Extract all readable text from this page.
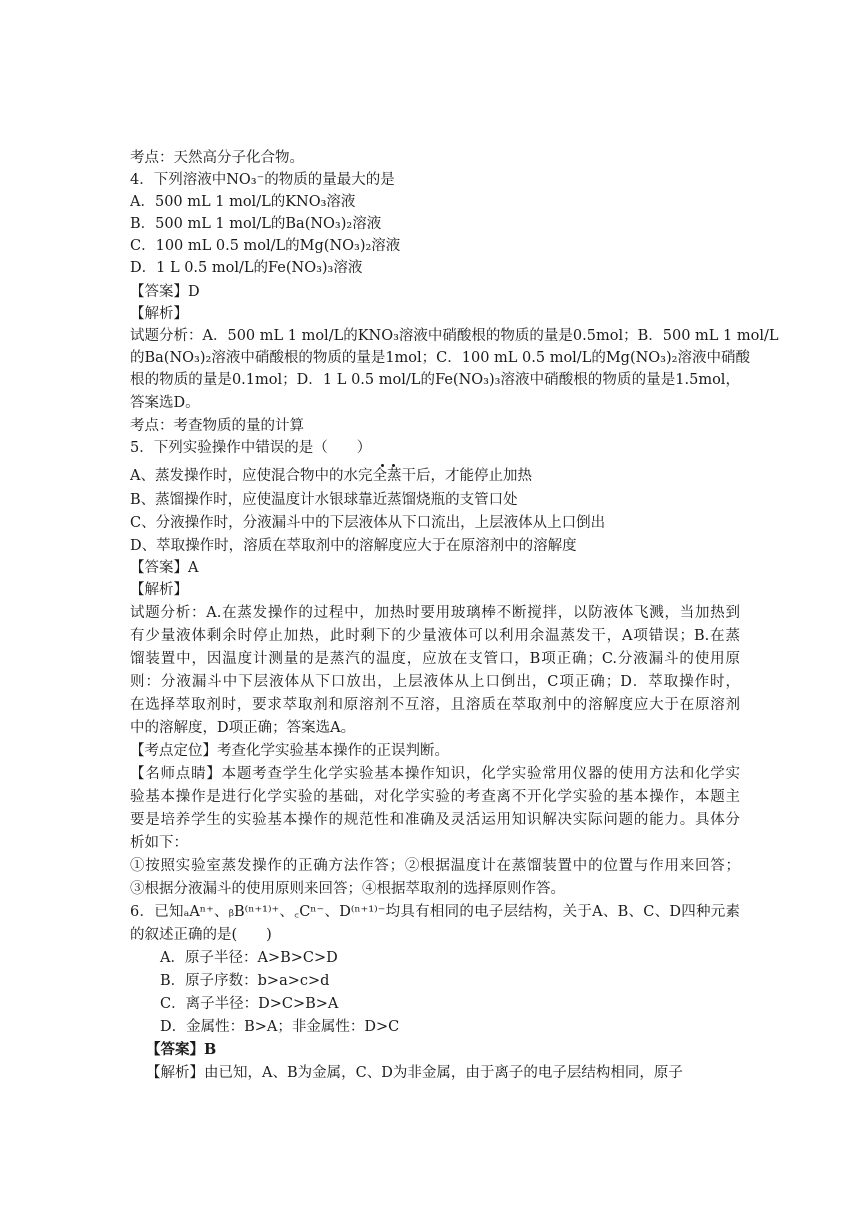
考点：天然高分子化合物。
4．下列溶液中NO₃⁻的物质的量最大的是
A．500 mL 1 mol/L的KNO₃溶液
B．500 mL 1 mol/L的Ba(NO₃)₂溶液
C．100 mL 0.5 mol/L的Mg(NO₃)₂溶液
D．1 L 0.5 mol/L的Fe(NO₃)₃溶液
【答案】D
【解析】
试题分析：A．500 mL 1 mol/L的KNO₃溶液中硝酸根的物质的量是0.5mol；B．500 mL 1 mol/L
的Ba(NO₃)₂溶液中硝酸根的物质的量是1mol；C．100 mL 0.5 mol/L的Mg(NO₃)₂溶液中硝酸
根的物质的量是0.1mol；D．1 L 0.5 mol/L的Fe(NO₃)₃溶液中硝酸根的物质的量是1.5mol，
答案选D。
考点：考查物质的量的计算
5．下列实验操作中错误的是（　　）
A、蒸发操作时，应使混合物中的水完全蒸干后，才能停止加热
B、蒸馏操作时，应使温度计水银球靠近蒸馏烧瓶的支管口处
C、分液操作时，分液漏斗中的下层液体从下口流出，上层液体从上口倒出
D、萃取操作时，溶质在萃取剂中的溶解度应大于在原溶剂中的溶解度
【答案】A
【解析】
试题分析：A.在蒸发操作的过程中，加热时要用玻璃棒不断搅拌，以防液体飞溅，当加热到
有少量液体剩余时停止加热，此时剩下的少量液体可以利用余温蒸发干，A项错误；B.在蒸
馏装置中，因温度计测量的是蒸汽的温度，应放在支管口，B项正确；C.分液漏斗的使用原
则：分液漏斗中下层液体从下口放出，上层液体从上口倒出，C项正确；D．萃取操作时，
在选择萃取剂时，要求萃取剂和原溶剂不互溶，且溶质在萃取剂中的溶解度应大于在原溶剂
中的溶解度，D项正确；答案选A。
【考点定位】考查化学实验基本操作的正误判断。
【名师点睛】本题考查学生化学实验基本操作知识，化学实验常用仪器的使用方法和化学实
验基本操作是进行化学实验的基础，对化学实验的考查离不开化学实验的基本操作，本题主
要是培养学生的实验基本操作的规范性和准确及灵活运用知识解决实际问题的能力。具体分
析如下：
①按照实验室蒸发操作的正确方法作答；②根据温度计在蒸馏装置中的位置与作用来回答；
③根据分液漏斗的使用原则来回答；④根据萃取剂的选择原则作答。
6．已知ₐAⁿ⁺、ᵦB⁽ⁿ⁺¹⁾⁺、꜀Cⁿ⁻、D⁽ⁿ⁺¹⁾⁻均具有相同的电子层结构，关于A、B、C、D四种元素
的叙述正确的是(　　)
A．原子半径：A>B>C>D
B．原子序数：b>a>c>d
C．离子半径：D>C>B>A
D．金属性：B>A；非金属性：D>C
【答案】B
【解析】由已知，A、B为金属，C、D为非金属，由于离子的电子层结构相同，原子
